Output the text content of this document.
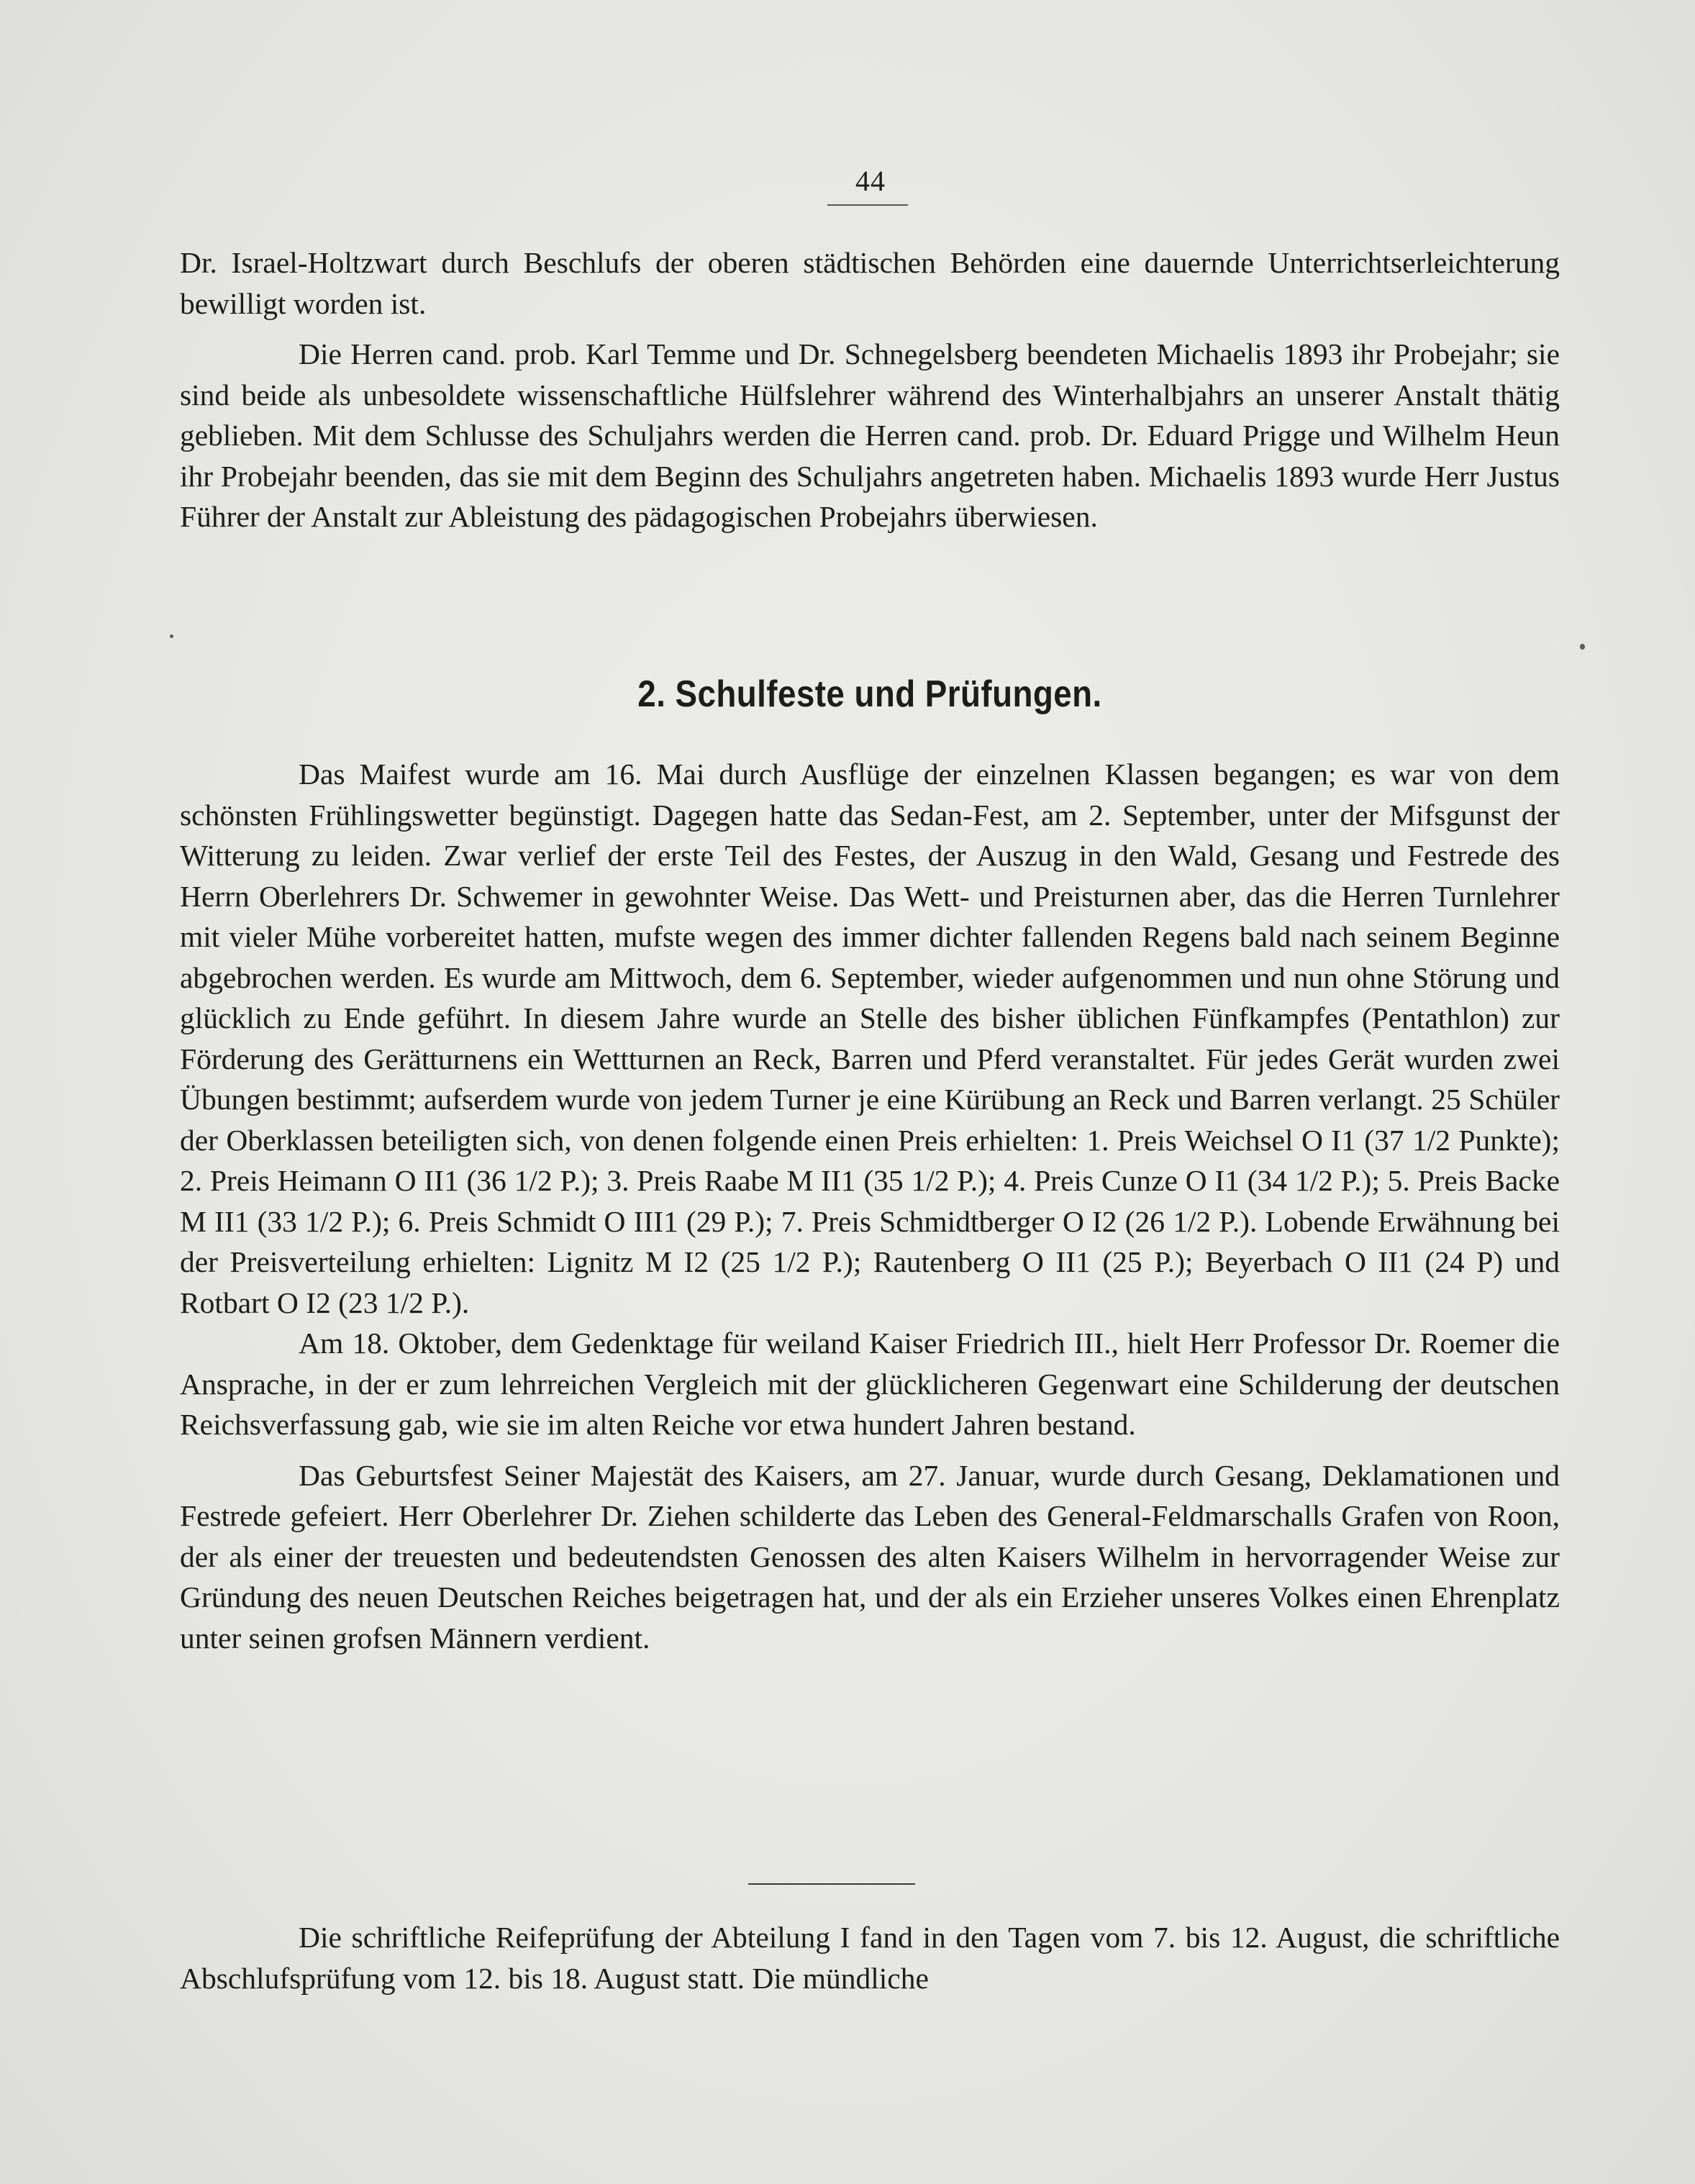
44

Dr. Israel-Holtzwart durch Beschlufs der oberen städtischen Behörden eine dauernde Unterrichtserleichterung bewilligt worden ist.

Die Herren cand. prob. Karl Temme und Dr. Schnegelsberg beendeten Michaelis 1893 ihr Probejahr; sie sind beide als unbesoldete wissenschaftliche Hülfslehrer während des Winterhalbjahrs an unserer Anstalt thätig geblieben. Mit dem Schlusse des Schuljahrs werden die Herren cand. prob. Dr. Eduard Prigge und Wilhelm Heun ihr Probejahr beenden, das sie mit dem Beginn des Schuljahrs angetreten haben. Michaelis 1893 wurde Herr Justus Führer der Anstalt zur Ableistung des pädagogischen Probejahrs überwiesen.

2. Schulfeste und Prüfungen.

Das Maifest wurde am 16. Mai durch Ausflüge der einzelnen Klassen begangen; es war von dem schönsten Frühlingswetter begünstigt. Dagegen hatte das Sedan-Fest, am 2. September, unter der Mifsgunst der Witterung zu leiden. Zwar verlief der erste Teil des Festes, der Auszug in den Wald, Gesang und Festrede des Herrn Oberlehrers Dr. Schwemer in gewohnter Weise. Das Wett- und Preisturnen aber, das die Herren Turnlehrer mit vieler Mühe vorbereitet hatten, mufste wegen des immer dichter fallenden Regens bald nach seinem Beginne abgebrochen werden. Es wurde am Mittwoch, dem 6. September, wieder aufgenommen und nun ohne Störung und glücklich zu Ende geführt. In diesem Jahre wurde an Stelle des bisher üblichen Fünfkampfes (Pentathlon) zur Förderung des Gerätturnens ein Wettturnen an Reck, Barren und Pferd veranstaltet. Für jedes Gerät wurden zwei Übungen bestimmt; aufserdem wurde von jedem Turner je eine Kürübung an Reck und Barren verlangt. 25 Schüler der Oberklassen beteiligten sich, von denen folgende einen Preis erhielten: 1. Preis Weichsel O I1 (37 1/2 Punkte); 2. Preis Heimann O II1 (36 1/2 P.); 3. Preis Raabe M II1 (35 1/2 P.); 4. Preis Cunze O I1 (34 1/2 P.); 5. Preis Backe M II1 (33 1/2 P.); 6. Preis Schmidt O III1 (29 P.); 7. Preis Schmidtberger O I2 (26 1/2 P.). Lobende Erwähnung bei der Preisverteilung erhielten: Lignitz M I2 (25 1/2 P.); Rautenberg O II1 (25 P.); Beyerbach O II1 (24 P) und Rotbart O I2 (23 1/2 P.).

Am 18. Oktober, dem Gedenktage für weiland Kaiser Friedrich III., hielt Herr Professor Dr. Roemer die Ansprache, in der er zum lehrreichen Vergleich mit der glücklicheren Gegenwart eine Schilderung der deutschen Reichsverfassung gab, wie sie im alten Reiche vor etwa hundert Jahren bestand.

Das Geburtsfest Seiner Majestät des Kaisers, am 27. Januar, wurde durch Gesang, Deklamationen und Festrede gefeiert. Herr Oberlehrer Dr. Ziehen schilderte das Leben des General-Feldmarschalls Grafen von Roon, der als einer der treuesten und bedeutendsten Genossen des alten Kaisers Wilhelm in hervorragender Weise zur Gründung des neuen Deutschen Reiches beigetragen hat, und der als ein Erzieher unseres Volkes einen Ehrenplatz unter seinen grofsen Männern verdient.

Die schriftliche Reifeprüfung der Abteilung I fand in den Tagen vom 7. bis 12. August, die schriftliche Abschlufsprüfung vom 12. bis 18. August statt. Die mündliche
